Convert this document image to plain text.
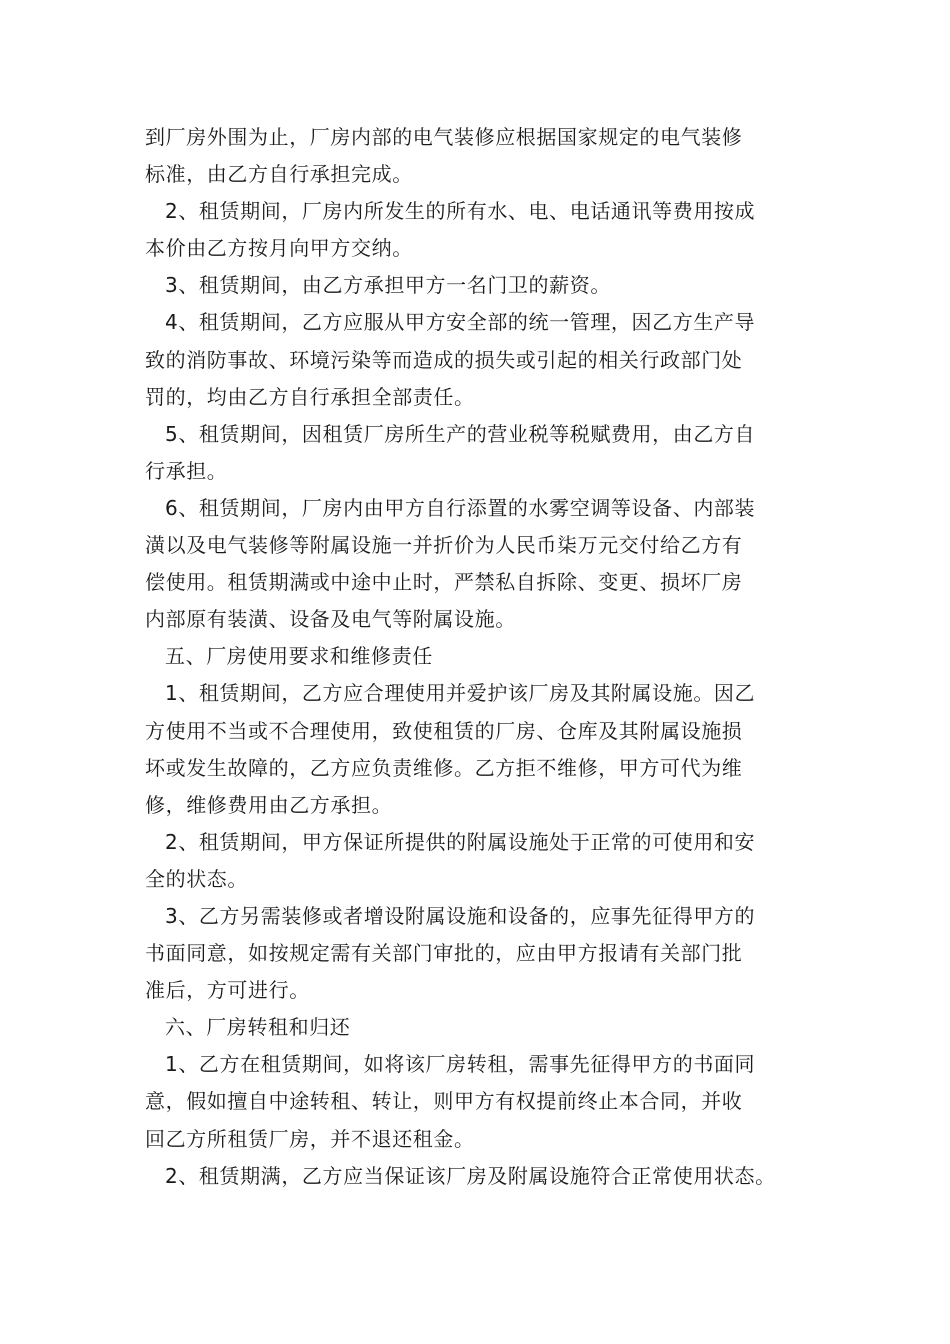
到厂房外围为止，厂房内部的电气装修应根据国家规定的电气装修
标准，由乙方自行承担完成。
2、租赁期间，厂房内所发生的所有水、电、电话通讯等费用按成
本价由乙方按月向甲方交纳。
3、租赁期间，由乙方承担甲方一名门卫的薪资。
4、租赁期间，乙方应服从甲方安全部的统一管理，因乙方生产导
致的消防事故、环境污染等而造成的损失或引起的相关行政部门处
罚的，均由乙方自行承担全部责任。
5、租赁期间，因租赁厂房所生产的营业税等税赋费用，由乙方自
行承担。
6、租赁期间，厂房内由甲方自行添置的水雾空调等设备、内部装
潢以及电气装修等附属设施一并折价为人民币柒万元交付给乙方有
偿使用。租赁期满或中途中止时，严禁私自拆除、变更、损坏厂房
内部原有装潢、设备及电气等附属设施。
五、厂房使用要求和维修责任
1、租赁期间，乙方应合理使用并爱护该厂房及其附属设施。因乙
方使用不当或不合理使用，致使租赁的厂房、仓库及其附属设施损
坏或发生故障的，乙方应负责维修。乙方拒不维修，甲方可代为维
修，维修费用由乙方承担。
2、租赁期间，甲方保证所提供的附属设施处于正常的可使用和安
全的状态。
3、乙方另需装修或者增设附属设施和设备的，应事先征得甲方的
书面同意，如按规定需有关部门审批的，应由甲方报请有关部门批
准后，方可进行。
六、厂房转租和归还
1、乙方在租赁期间，如将该厂房转租，需事先征得甲方的书面同
意，假如擅自中途转租、转让，则甲方有权提前终止本合同，并收
回乙方所租赁厂房，并不退还租金。
2、租赁期满，乙方应当保证该厂房及附属设施符合正常使用状态。
